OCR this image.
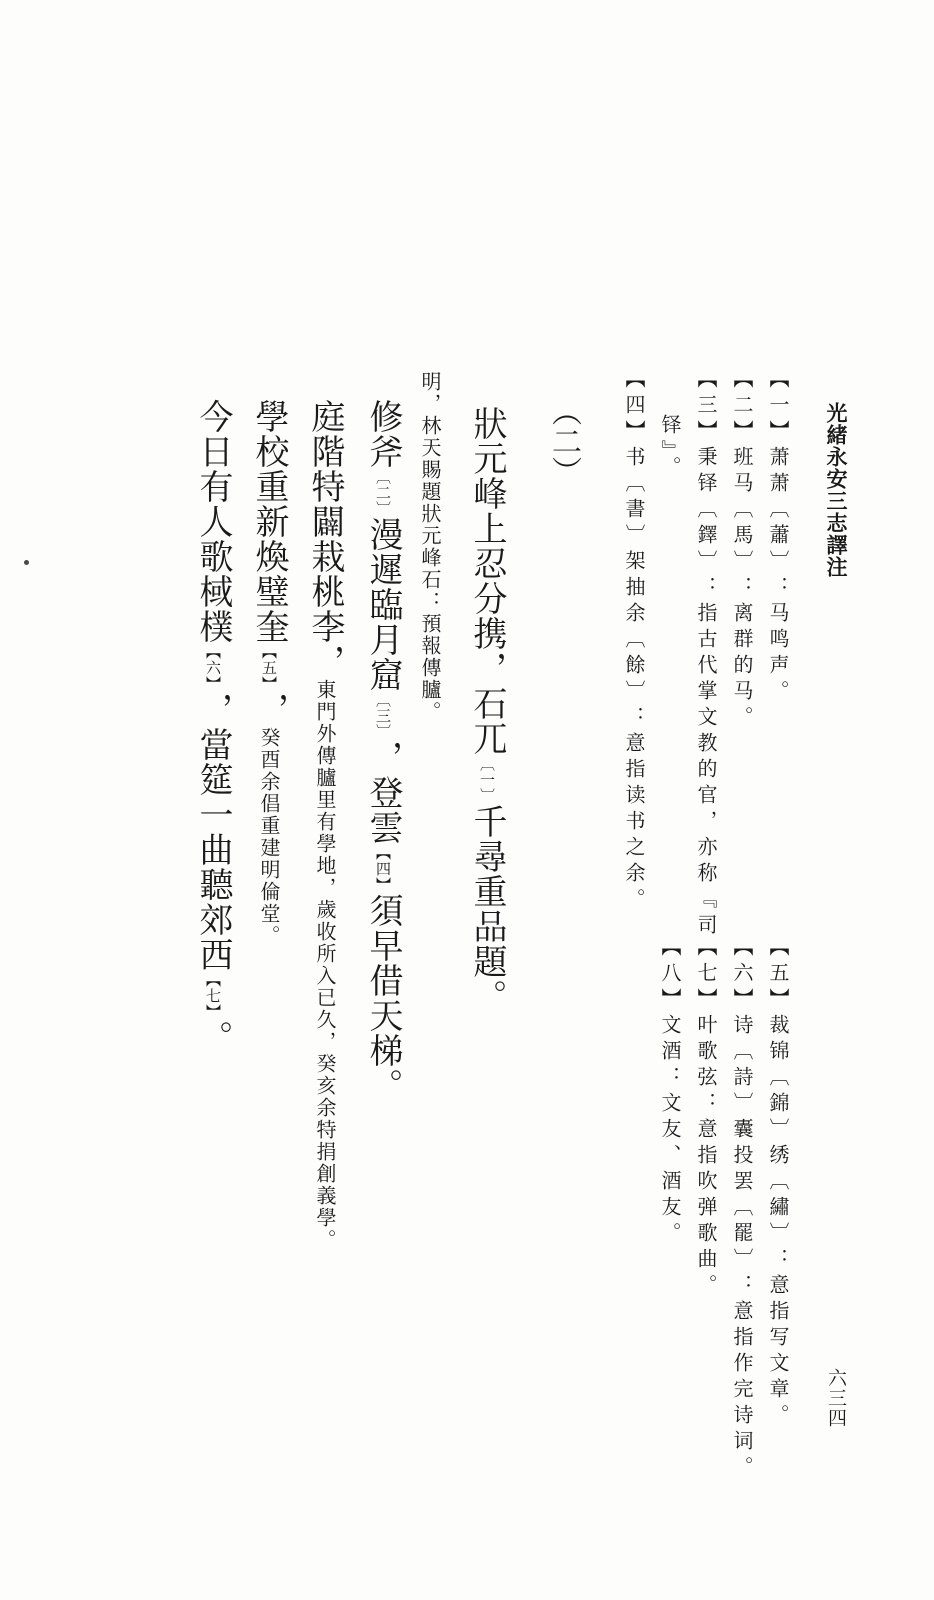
光緒永安三志譯注
六三四
【一】萧萧〔蕭〕：马鸣声。
【二】班马〔馬〕：离群的马。
【三】秉铎〔鐸〕：指古代掌文教的官，亦称『司
铎』。
【四】书〔書〕架抽余〔餘〕：意指读书之余。
【五】裁锦〔錦〕绣〔繡〕：意指写文章。
【六】诗〔詩〕囊投罢〔罷〕：意指作完诗词。
【七】叶歌弦：意指吹弹歌曲。
【八】文酒：文友、酒友。
（二）
狀元峰上忍分携，石兀〔一〕千尋重品題。
明，林天賜題狀元峰石：預報傳臚。
修斧〔二〕漫遲臨月窟〔三〕，登雲【四】須早借天梯。
庭階特闢栽桃李，東門外傳臚里有學地，歲收所入已久，癸亥余特捐創義學。
學校重新煥璧奎【五】，癸酉余倡重建明倫堂。
今日有人歌棫樸【六】，當筵一曲聽郊西【七】。
